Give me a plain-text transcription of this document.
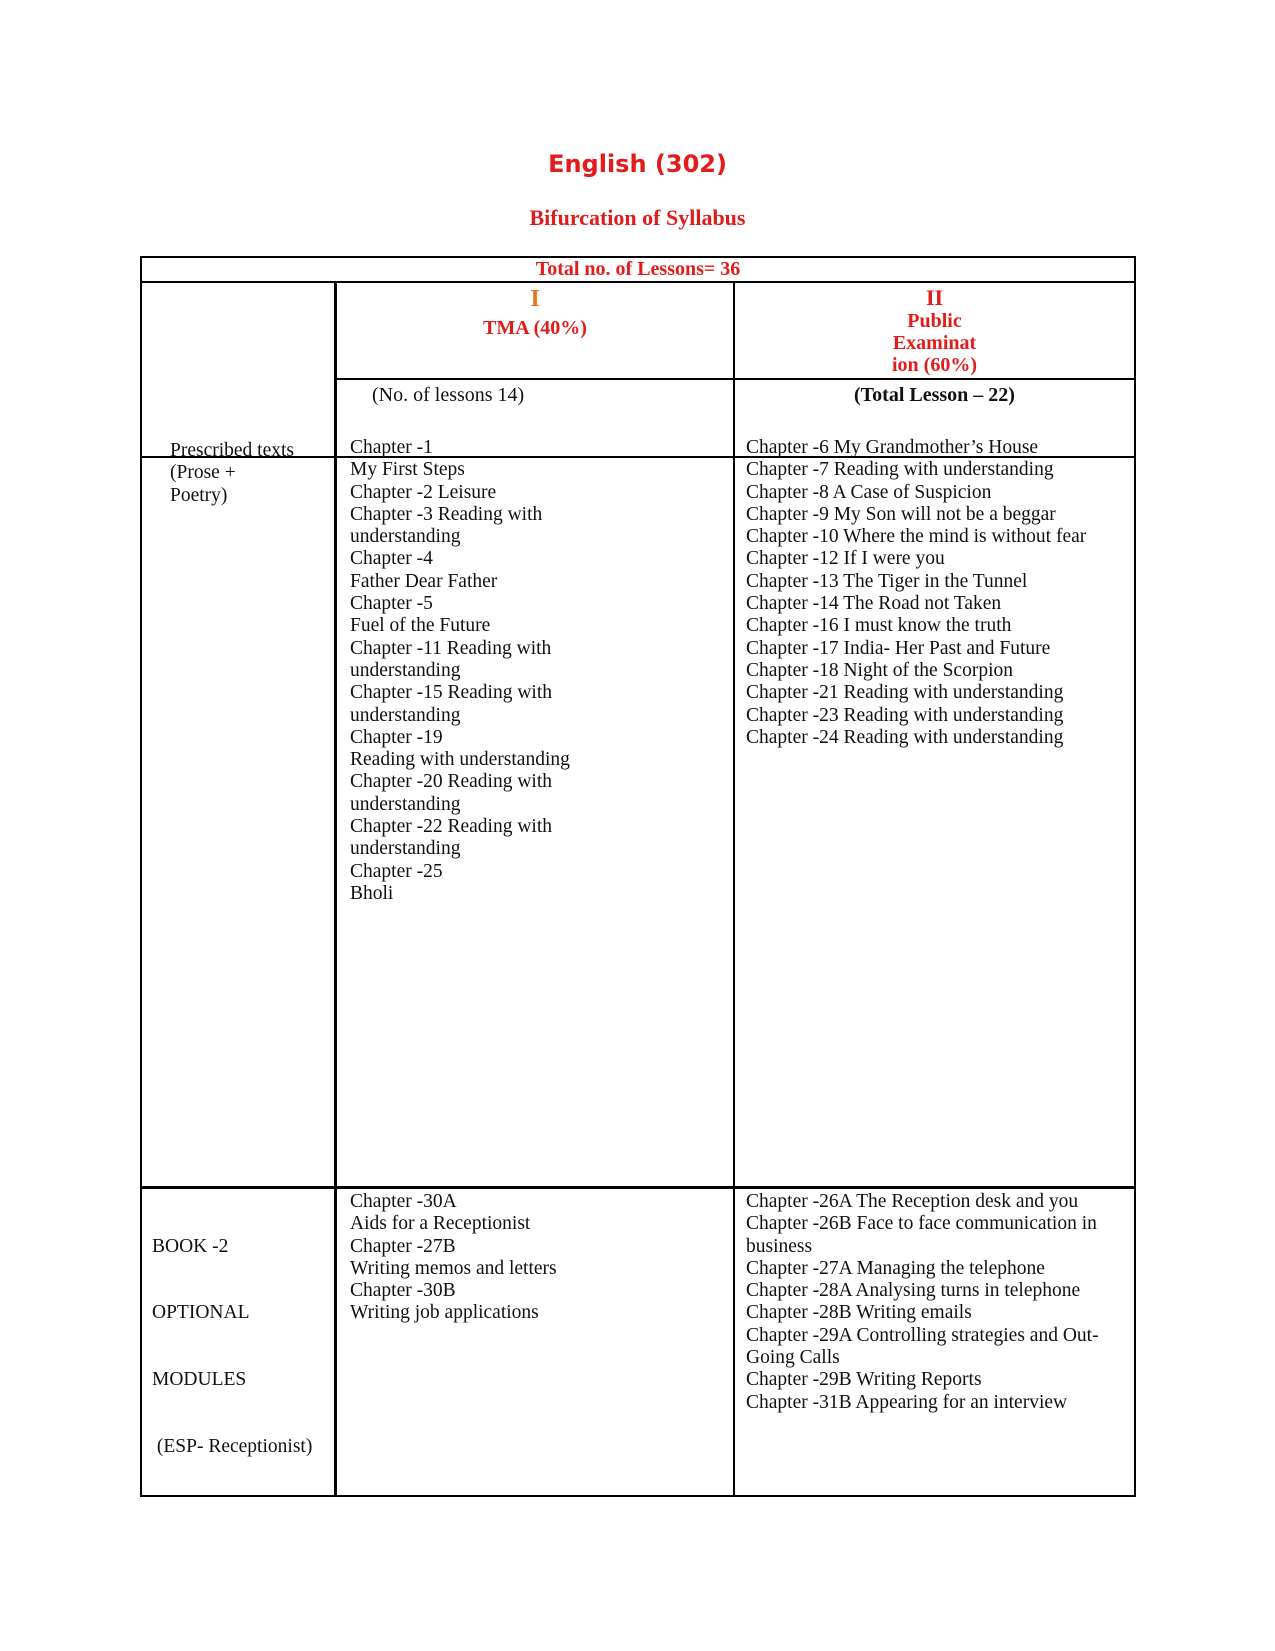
English (302)
Bifurcation of Syllabus
Total no. of Lessons= 36
I
TMA (40%)
II
Public
Examinat
ion (60%)
(No. of lessons 14)	(Total Lesson – 22)
Prescribed texts
(Prose +
Poetry)
Chapter -1
My First Steps
Chapter -2 Leisure
Chapter -3 Reading with
understanding
Chapter -4
Father Dear Father
Chapter -5
Fuel of the Future
Chapter -11 Reading with
understanding
Chapter -15 Reading with
understanding
Chapter -19
Reading with understanding
Chapter -20 Reading with
understanding
Chapter -22 Reading with
understanding
Chapter -25
Bholi
Chapter -6 My Grandmother’s House
Chapter -7 Reading with understanding
Chapter -8 A Case of Suspicion
Chapter -9 My Son will not be a beggar
Chapter -10 Where the mind is without fear
Chapter -12 If I were you
Chapter -13 The Tiger in the Tunnel
Chapter -14 The Road not Taken
Chapter -16 I must know the truth
Chapter -17 India- Her Past and Future
Chapter -18 Night of the Scorpion
Chapter -21 Reading with understanding
Chapter -23 Reading with understanding
Chapter -24 Reading with understanding

BOOK -2

OPTIONAL

MODULES

(ESP- Receptionist)

Chapter -30A
Aids for a Receptionist
Chapter -27B
Writing memos and letters
Chapter -30B
Writing job applications
Chapter -26A The Reception desk and you
Chapter -26B Face to face communication in
business
Chapter -27A Managing the telephone
Chapter -28A Analysing turns in telephone
Chapter -28B Writing emails
Chapter -29A Controlling strategies and Out-
Going Calls
Chapter -29B Writing Reports
Chapter -31B Appearing for an interview
